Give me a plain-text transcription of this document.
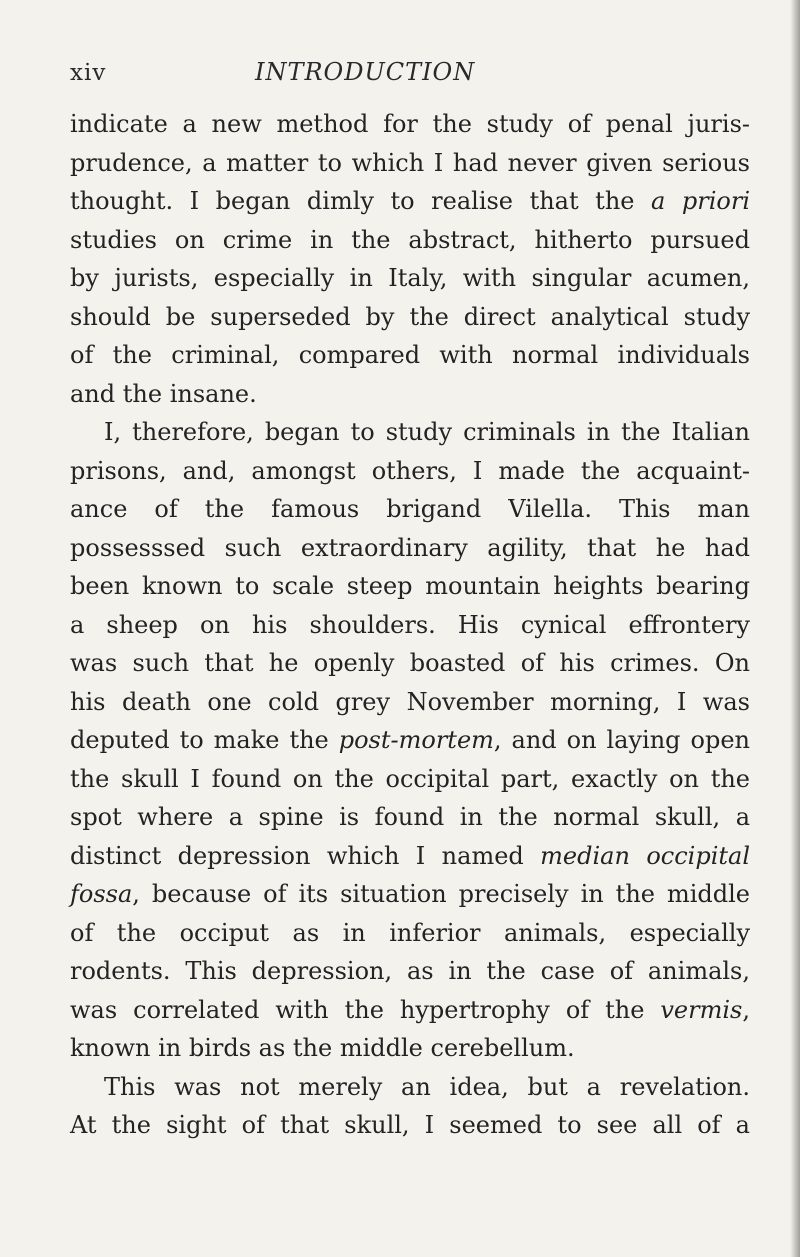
xiv	INTRODUCTION
indicate a new method for the study of penal juris-
prudence, a matter to which I had never given serious
thought. I began dimly to realise that the a priori
studies on crime in the abstract, hitherto pursued
by jurists, especially in Italy, with singular acumen,
should be superseded by the direct analytical study
of the criminal, compared with normal individuals
and the insane.
I, therefore, began to study criminals in the Italian
prisons, and, amongst others, I made the acquaint-
ance of the famous brigand Vilella. This man
possesssed such extraordinary agility, that he had
been known to scale steep mountain heights bearing
a sheep on his shoulders. His cynical effrontery
was such that he openly boasted of his crimes. On
his death one cold grey November morning, I was
deputed to make the post-mortem, and on laying open
the skull I found on the occipital part, exactly on the
spot where a spine is found in the normal skull, a
distinct depression which I named median occipital
fossa, because of its situation precisely in the middle
of the occiput as in inferior animals, especially
rodents. This depression, as in the case of animals,
was correlated with the hypertrophy of the vermis,
known in birds as the middle cerebellum.
This was not merely an idea, but a revelation.
At the sight of that skull, I seemed to see all of a
